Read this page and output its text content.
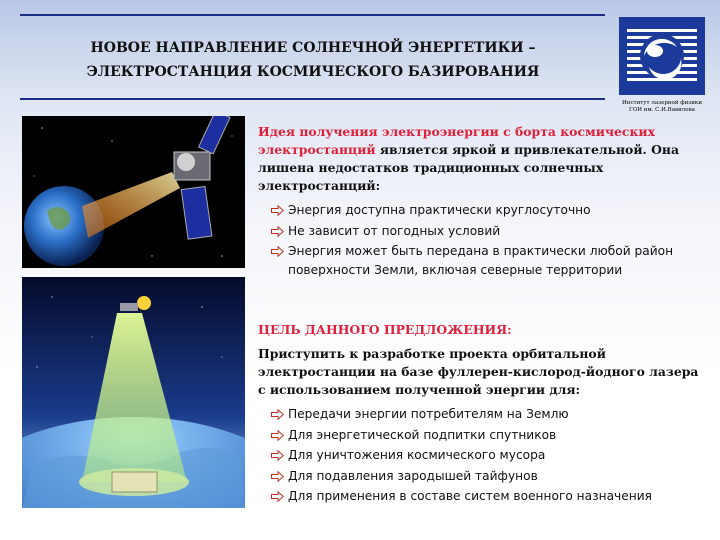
НОВОЕ НАПРАВЛЕНИЕ СОЛНЕЧНОЙ ЭНЕРГЕТИКИ –
ЭЛЕКТРОСТАНЦИЯ КОСМИЧЕСКОГО БАЗИРОВАНИЯ
Институт лазерной физики
ГОИ им. С.И.Вавилова

Идея получения электроэнергии с борта космических электростанций является яркой и привлекательной. Она лишена недостатков традиционных солнечных электростанций:

Энергия доступна практически круглосуточно
Не зависит от погодных условий
Энергия может быть передана в практически любой район поверхности Земли, включая северные территории

ЦЕЛЬ ДАННОГО ПРЕДЛОЖЕНИЯ:

Приступить к разработке проекта орбитальной электростанции на базе фуллерен-кислород-йодного лазера с использованием полученной энергии для:

Передачи энергии потребителям на Землю
Для энергетической подпитки спутников
Для уничтожения космического мусора
Для подавления зародышей тайфунов
Для применения в составе систем военного назначения
